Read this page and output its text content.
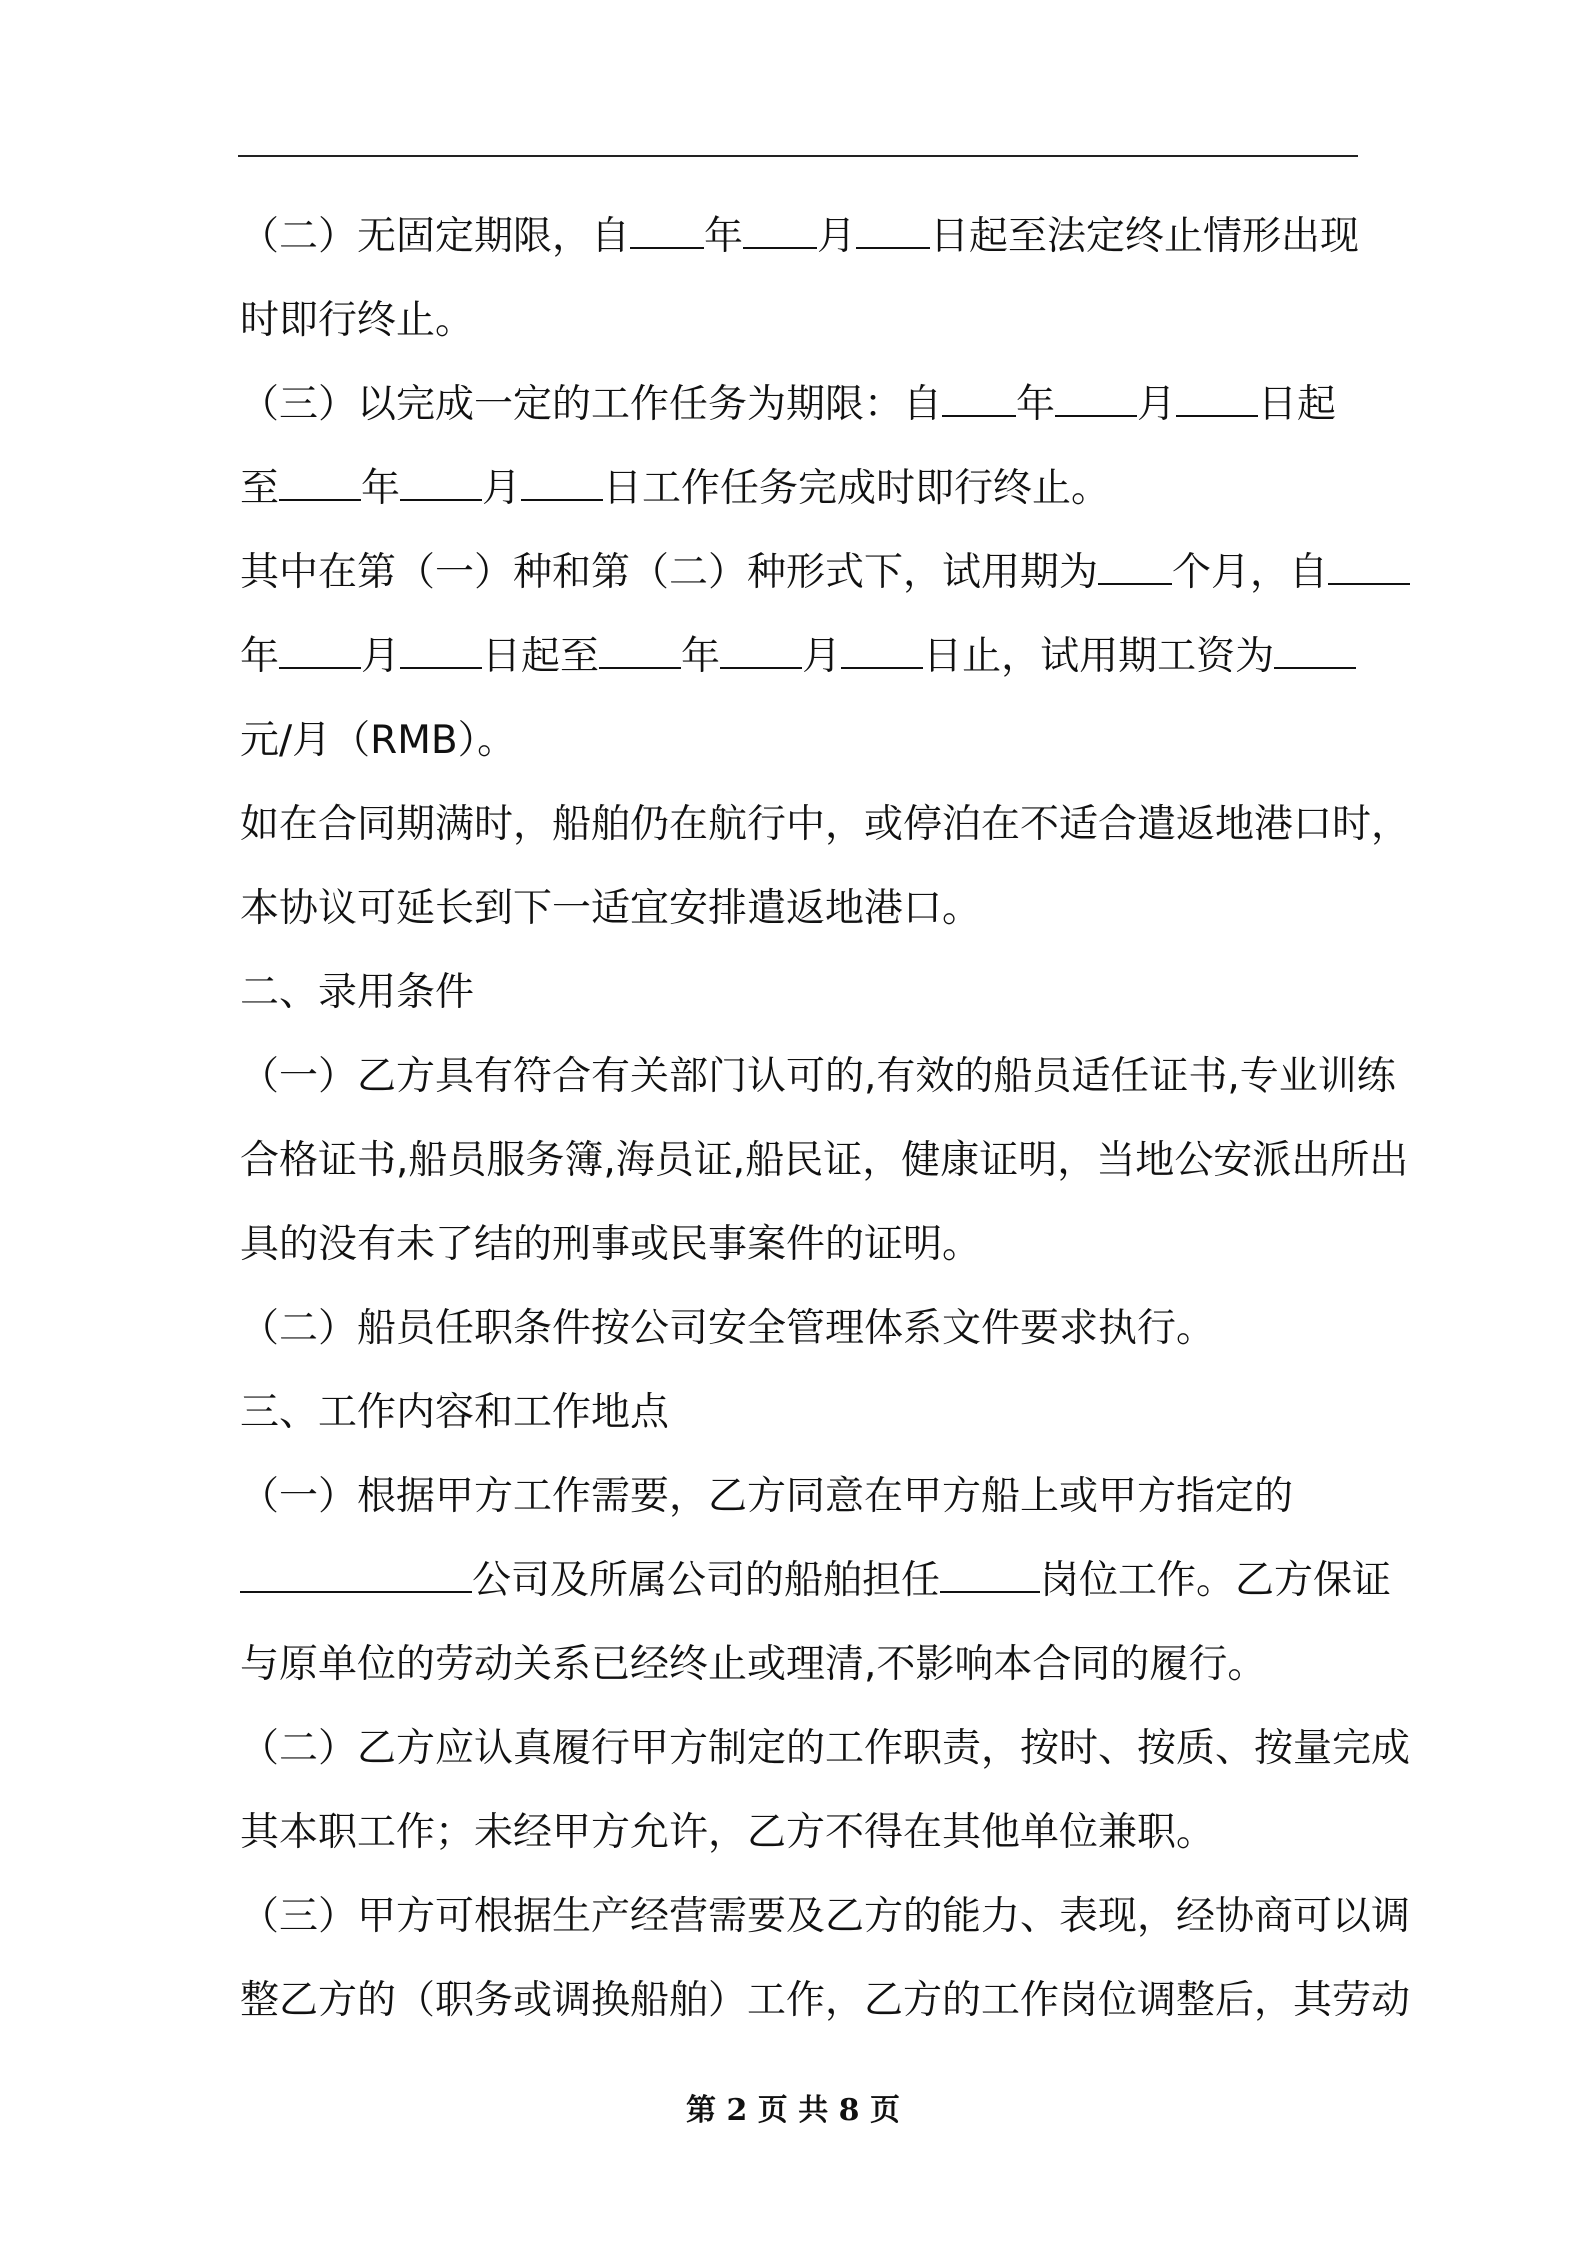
（二）无固定期限，自 年 月 日起至法定终止情形出现
时即行终止。
（三）以完成一定的工作任务为期限：自 年 月 日起
至 年 月 日工作任务完成时即行终止。
其中在第（一）种和第（二）种形式下，试用期为 个月，自
年 月 日起至 年 月 日止，试用期工资为
元/月（RMB）。
如在合同期满时，船舶仍在航行中，或停泊在不适合遣返地港口时，
本协议可延长到下一适宜安排遣返地港口。
二、录用条件
（一）乙方具有符合有关部门认可的,有效的船员适任证书,专业训练
合格证书,船员服务簿,海员证,船民证，健康证明，当地公安派出所出
具的没有未了结的刑事或民事案件的证明。
（二）船员任职条件按公司安全管理体系文件要求执行。
三、工作内容和工作地点
（一）根据甲方工作需要，乙方同意在甲方船上或甲方指定的
公司及所属公司的船舶担任	岗位工作。乙方保证
与原单位的劳动关系已经终止或理清,不影响本合同的履行。
（二）乙方应认真履行甲方制定的工作职责，按时、按质、按量完成
其本职工作；未经甲方允许，乙方不得在其他单位兼职。
（三）甲方可根据生产经营需要及乙方的能力、表现，经协商可以调
整乙方的（职务或调换船舶）工作，乙方的工作岗位调整后，其劳动
第 2 页 共 8 页
